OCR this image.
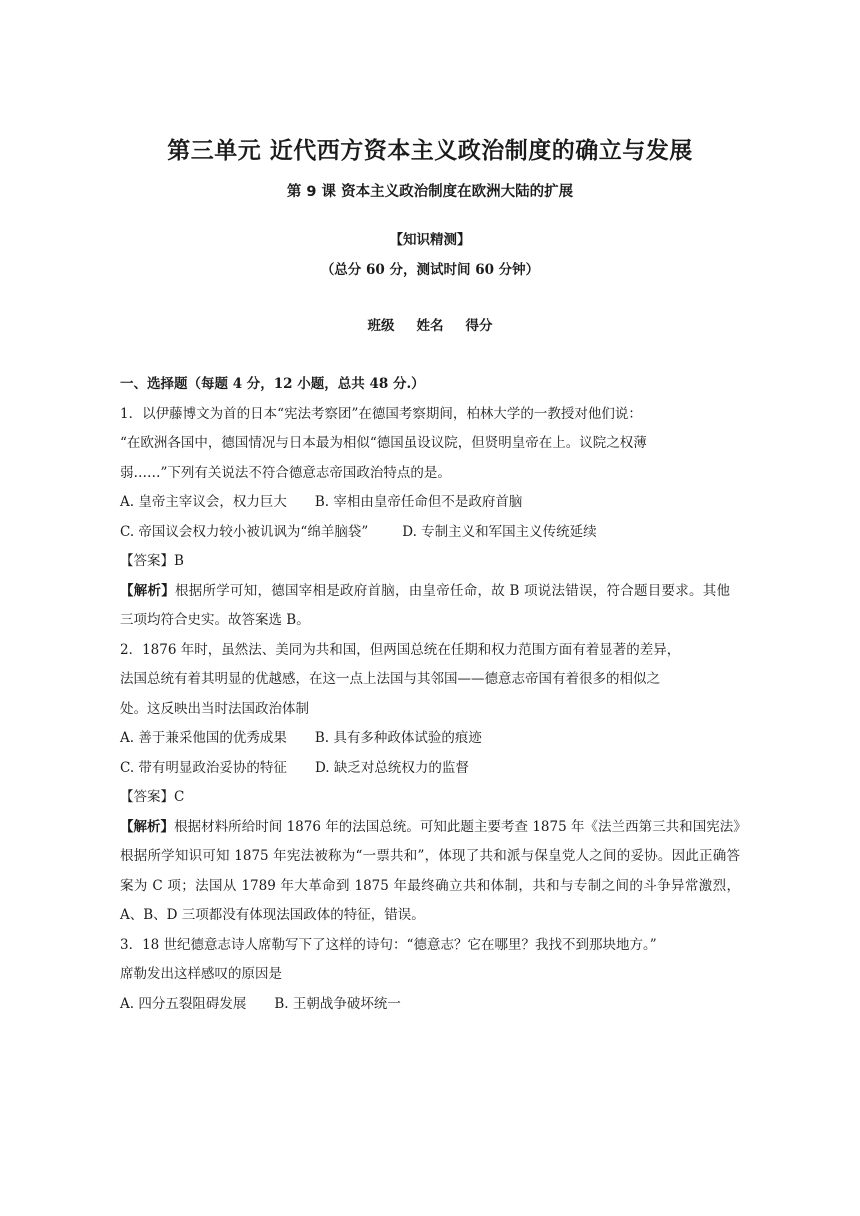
第三单元 近代西方资本主义政治制度的确立与发展
第 9 课 资本主义政治制度在欧洲大陆的扩展
【知识精测】
（总分 60 分，测试时间 60 分钟）
班级 姓名 得分

一、选择题（每题 4 分，12 小题，总共 48 分.）

1．以伊藤博文为首的日本“宪法考察团”在德国考察期间，柏林大学的一教授对他们说：

“在欧洲各国中，德国情况与日本最为相似“德国虽设议院，但贤明皇帝在上。议院之权薄

弱……”下列有关说法不符合德意志帝国政治特点的是。

A. 皇帝主宰议会，权力巨大 B. 宰相由皇帝任命但不是政府首脑

C. 帝国议会权力较小被讥讽为“绵羊脑袋”	D. 专制主义和军国主义传统延续

【答案】B

【解析】根据所学可知，德国宰相是政府首脑，由皇帝任命，故 B 项说法错误，符合题目要求。其他三项均符合史实。故答案选 B。

2．1876 年时，虽然法、美同为共和国，但两国总统在任期和权力范围方面有着显著的差异，

法国总统有着其明显的优越感，在这一点上法国与其邻国——德意志帝国有着很多的相似之

处。这反映出当时法国政治体制

A. 善于兼采他国的优秀成果 B. 具有多种政体试验的痕迹

C. 带有明显政治妥协的特征 D. 缺乏对总统权力的监督

【答案】C

【解析】根据材料所给时间 1876 年的法国总统。可知此题主要考查 1875 年《法兰西第三共和国宪法》根据所学知识可知 1875 年宪法被称为“一票共和”，体现了共和派与保皇党人之间的妥协。因此正确答案为 C 项；法国从 1789 年大革命到 1875 年最终确立共和体制，共和与专制之间的斗争异常激烈，A、B、D 三项都没有体现法国政体的特征，错误。

3．18 世纪德意志诗人席勒写下了这样的诗句：“德意志？它在哪里？我找不到那块地方。”

席勒发出这样感叹的原因是

A. 四分五裂阻碍发展 B. 王朝战争破坏统一
